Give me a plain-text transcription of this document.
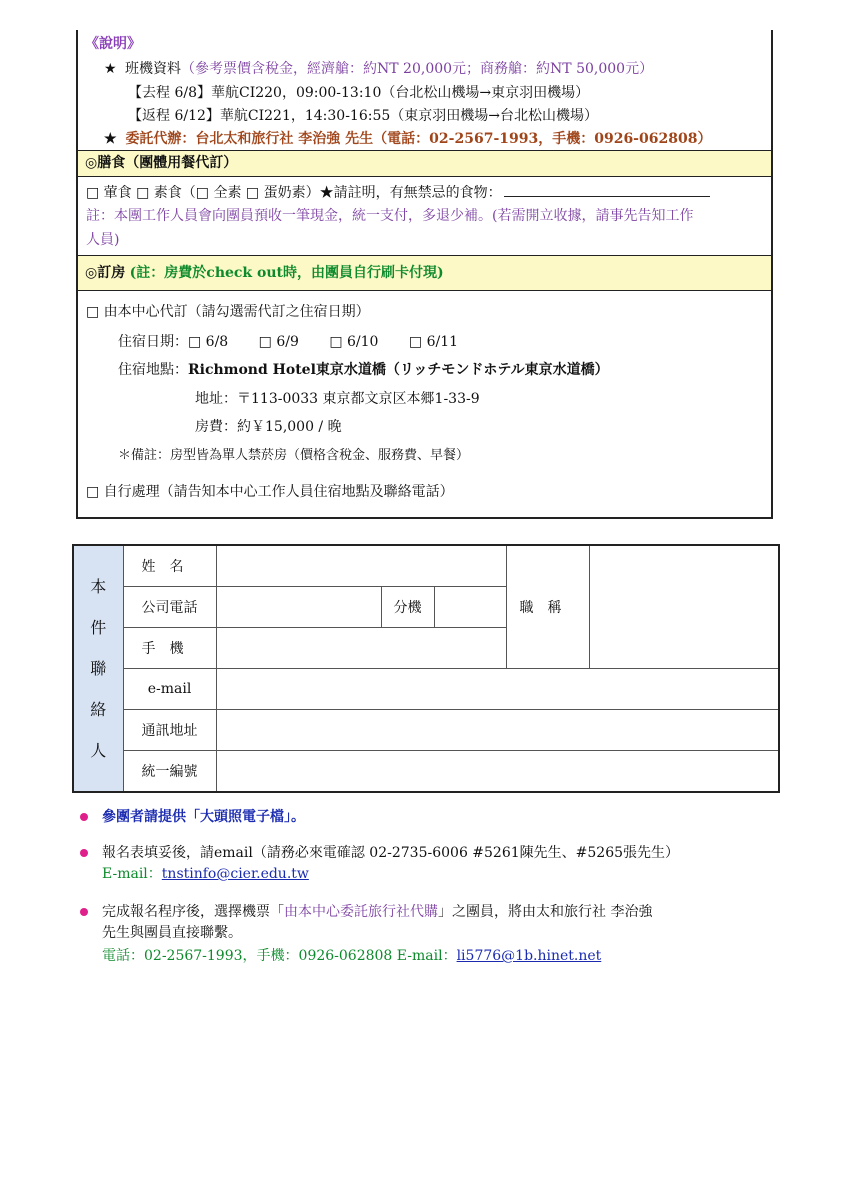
《說明》
★ 班機資料（參考票價含稅金，經濟艙：約NT 20,000元；商務艙：約NT 50,000元）
【去程 6/8】華航CI220，09:00-13:10（台北松山機場→東京羽田機場）
【返程 6/12】華航CI221，14:30-16:55（東京羽田機場→台北松山機場）
★ 委託代辦：台北太和旅行社 李治強 先生（電話：02-2567-1993，手機：0926-062808）
◎膳食（團體用餐代訂）
□ 葷食 □ 素食（□ 全素 □ 蛋奶素）★請註明，有無禁忌的食物：
註：本團工作人員會向團員預收一筆現金，統一支付，多退少補。(若需開立收據，請事先告知工作
人員)
◎訂房 (註：房費於check out時，由團員自行刷卡付現)
□ 由本中心代訂（請勾選需代訂之住宿日期）
住宿日期：□ 6/8 □ 6/9 □ 6/10 □ 6/11
住宿地點：Richmond Hotel東京水道橋（リッチモンドホテル東京水道橋）
地址：〒113-0033 東京都文京区本郷1-33-9
房費：約￥15,000 / 晚
＊備註：房型皆為單人禁菸房（價格含稅金、服務費、早餐）
□ 自行處理（請告知本中心工作人員住宿地點及聯絡電話）
本
件
聯
絡
人	姓名				職稱	
	公司電話		分機			
	手機					
	e-mail					
	通訊地址					
	統一編號					
參團者請提供「大頭照電子檔」。
報名表填妥後，請email（請務必來電確認 02-2735-6006 #5261陳先生、#5265張先生）
E-mail：tnstinfo@cier.edu.tw
完成報名程序後，選擇機票「由本中心委託旅行社代購」之團員，將由太和旅行社 李治強
先生與團員直接聯繫。
電話：02-2567-1993，手機：0926-062808 E-mail：li5776@1b.hinet.net
